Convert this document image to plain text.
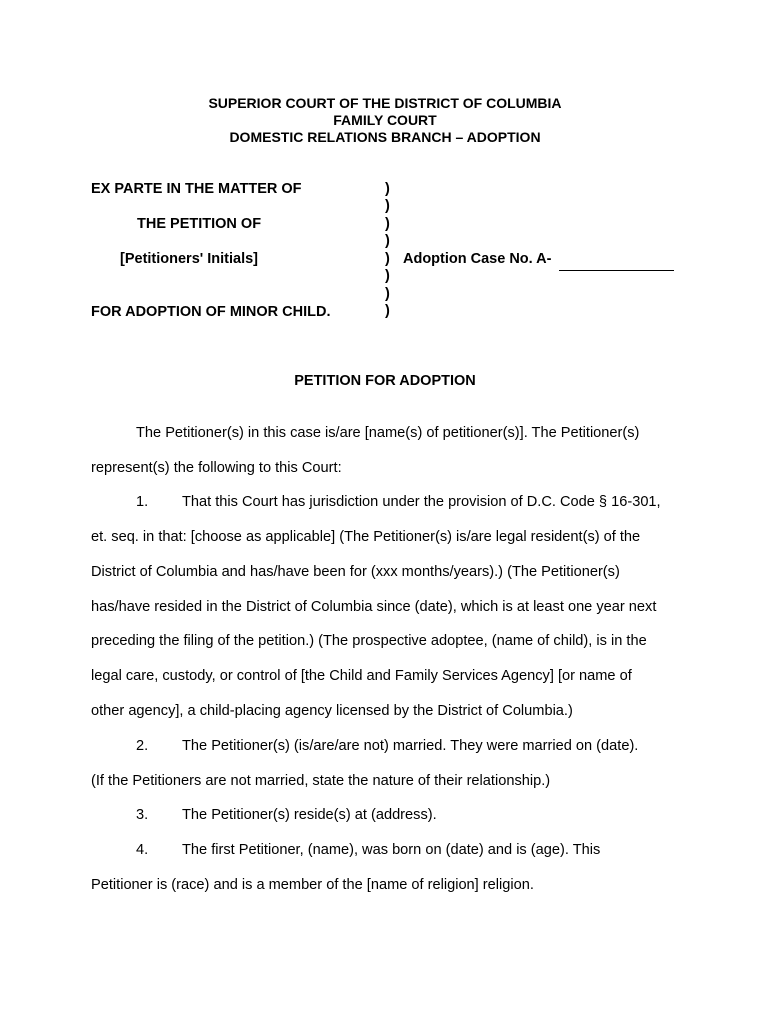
SUPERIOR COURT OF THE DISTRICT OF COLUMBIA
FAMILY COURT
DOMESTIC RELATIONS BRANCH – ADOPTION
EX PARTE IN THE MATTER OF
THE PETITION OF
[Petitioners' Initials]
FOR ADOPTION OF MINOR CHILD.
)
)
)
)
)
)
)
)
Adoption Case No. A-
PETITION FOR ADOPTION
The Petitioner(s) in this case is/are [name(s) of petitioner(s)]. The Petitioner(s)
represent(s) the following to this Court:
1. That this Court has jurisdiction under the provision of D.C. Code § 16-301,
et. seq. in that: [choose as applicable] (The Petitioner(s) is/are legal resident(s) of the
District of Columbia and has/have been for (xxx months/years).) (The Petitioner(s)
has/have resided in the District of Columbia since (date), which is at least one year next
preceding the filing of the petition.) (The prospective adoptee, (name of child), is in the
legal care, custody, or control of [the Child and Family Services Agency] [or name of
other agency], a child-placing agency licensed by the District of Columbia.)
2. The Petitioner(s) (is/are/are not) married. They were married on (date).
(If the Petitioners are not married, state the nature of their relationship.)
3. The Petitioner(s) reside(s) at (address).
4. The first Petitioner, (name), was born on (date) and is (age). This
Petitioner is (race) and is a member of the [name of religion] religion.
